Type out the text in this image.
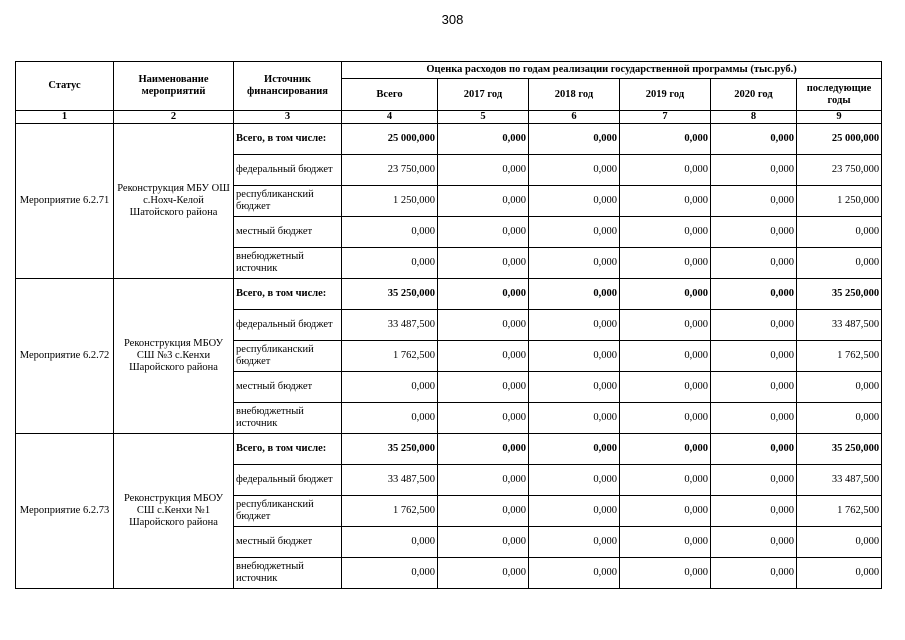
308
Статус	Наименование мероприятий	Источник финансирования	Оценка расходов по годам реализации государственной программы (тыс.руб.)					
			Всего	2017 год	2018 год	2019 год	2020 год	последующие годы
1	2	3	4	5	6	7	8	9
Мероприятие 6.2.71	Реконструкция МБУ ОШ с.Нохч-Келой Шатойского района	Всего, в том числе:	25 000,000	0,000	0,000	0,000	0,000	25 000,000
		федеральный бюджет	23 750,000	0,000	0,000	0,000	0,000	23 750,000
		республиканский бюджет	1 250,000	0,000	0,000	0,000	0,000	1 250,000
		местный бюджет	0,000	0,000	0,000	0,000	0,000	0,000
		внебюджетный источник	0,000	0,000	0,000	0,000	0,000	0,000
Мероприятие 6.2.72	Реконструкция МБОУ СШ №3 с.Кенхи Шаройского района	Всего, в том числе:	35 250,000	0,000	0,000	0,000	0,000	35 250,000
		федеральный бюджет	33 487,500	0,000	0,000	0,000	0,000	33 487,500
		республиканский бюджет	1 762,500	0,000	0,000	0,000	0,000	1 762,500
		местный бюджет	0,000	0,000	0,000	0,000	0,000	0,000
		внебюджетный источник	0,000	0,000	0,000	0,000	0,000	0,000
Мероприятие 6.2.73	Реконструкция МБОУ СШ с.Кенхи №1 Шаройского района	Всего, в том числе:	35 250,000	0,000	0,000	0,000	0,000	35 250,000
		федеральный бюджет	33 487,500	0,000	0,000	0,000	0,000	33 487,500
		республиканский бюджет	1 762,500	0,000	0,000	0,000	0,000	1 762,500
		местный бюджет	0,000	0,000	0,000	0,000	0,000	0,000
		внебюджетный источник	0,000	0,000	0,000	0,000	0,000	0,000
